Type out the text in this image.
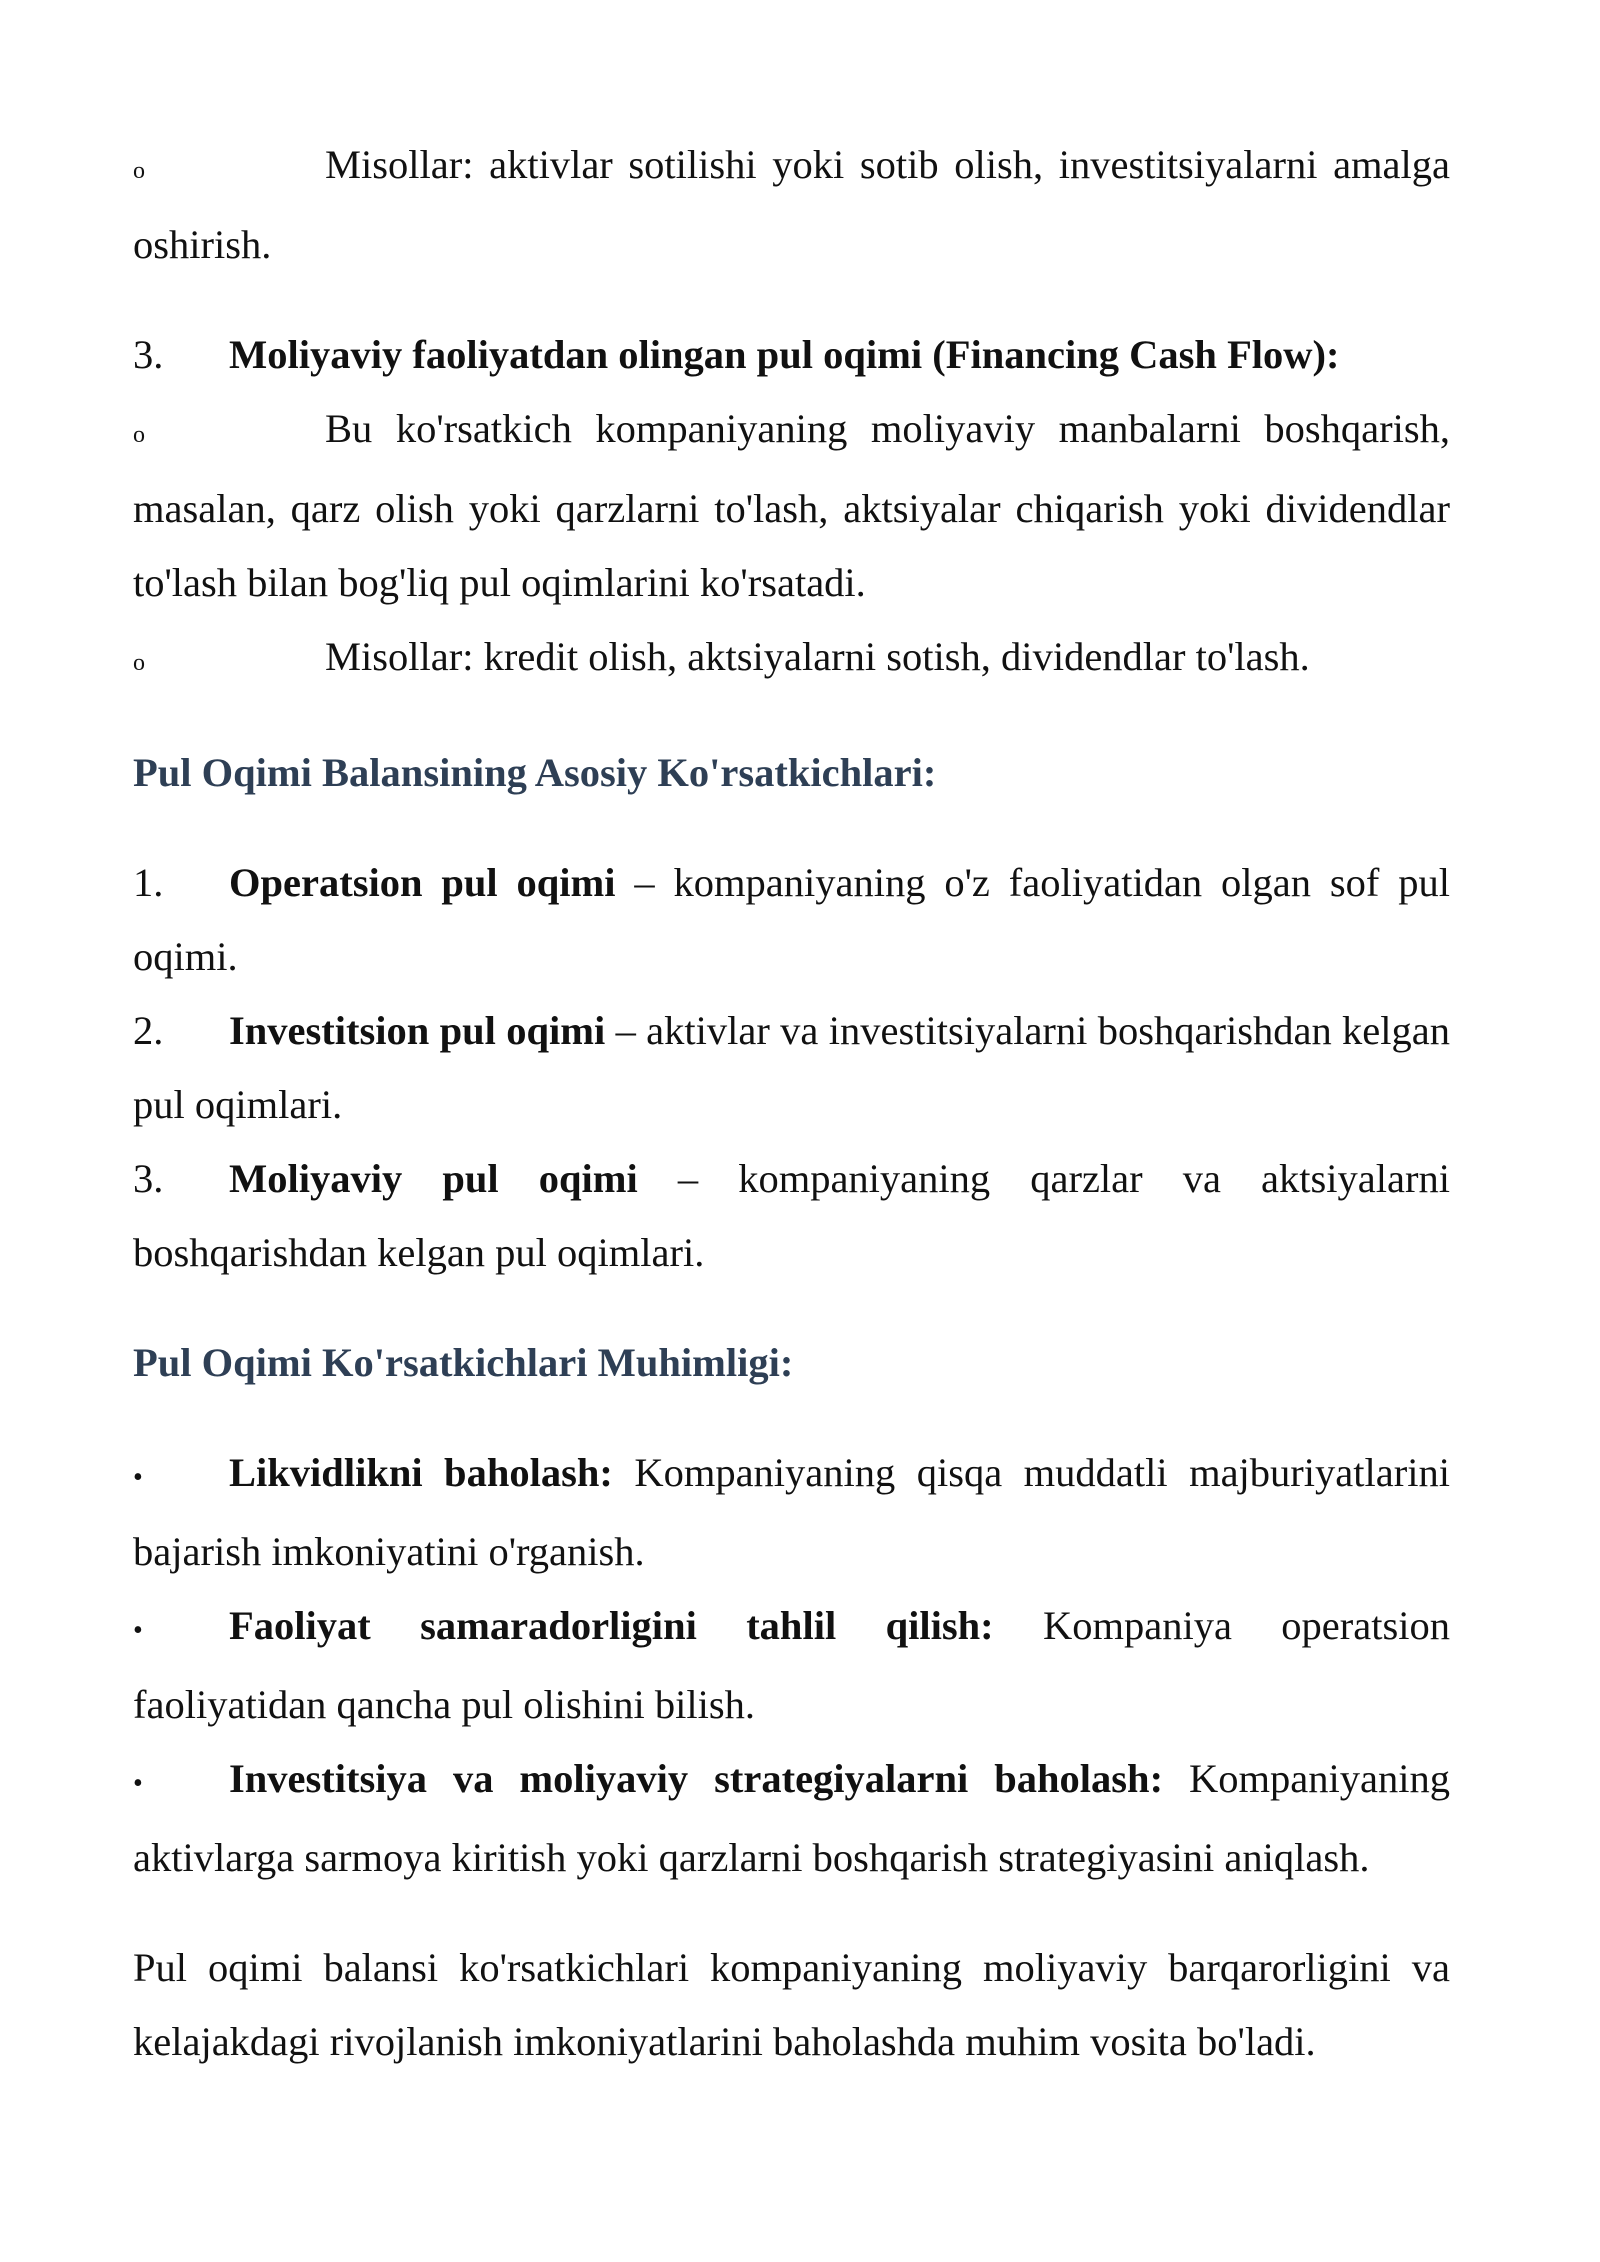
o	Misollar: aktivlar sotilishi yoki sotib olish, investitsiyalarni amalga oshirish.

3. Moliyaviy faoliyatdan olingan pul oqimi (Financing Cash Flow):

o	Bu ko'rsatkich kompaniyaning moliyaviy manbalarni boshqarish, masalan, qarz olish yoki qarzlarni to'lash, aktsiyalar chiqarish yoki dividendlar to'lash bilan bog'liq pul oqimlarini ko'rsatadi.

o	Misollar: kredit olish, aktsiyalarni sotish, dividendlar to'lash.

Pul Oqimi Balansining Asosiy Ko'rsatkichlari:

1. Operatsion pul oqimi – kompaniyaning o'z faoliyatidan olgan sof pul oqimi.

2. Investitsion pul oqimi – aktivlar va investitsiyalarni boshqarishdan kelgan pul oqimlari.

3. Moliyaviy pul oqimi – kompaniyaning qarzlar va aktsiyalarni boshqarishdan kelgan pul oqimlari.

Pul Oqimi Ko'rsatkichlari Muhimligi:

• Likvidlikni baholash: Kompaniyaning qisqa muddatli majburiyatlarini bajarish imkoniyatini o'rganish.

• Faoliyat samaradorligini tahlil qilish: Kompaniya operatsion faoliyatidan qancha pul olishini bilish.

• Investitsiya va moliyaviy strategiyalarni baholash: Kompaniyaning aktivlarga sarmoya kiritish yoki qarzlarni boshqarish strategiyasini aniqlash.

Pul oqimi balansi ko'rsatkichlari kompaniyaning moliyaviy barqarorligini va kelajakdagi rivojlanish imkoniyatlarini baholashda muhim vosita bo'ladi.
